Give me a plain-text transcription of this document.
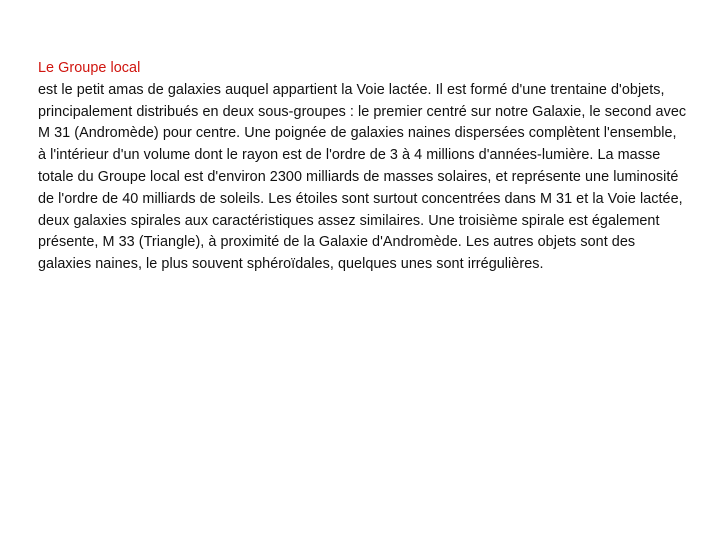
Le Groupe local

est le petit amas de galaxies auquel appartient la Voie lactée. Il est formé d'une trentaine d'objets, principalement distribués en deux sous-groupes : le premier centré sur notre Galaxie, le second avec M 31 (Andromède) pour centre. Une poignée de galaxies naines dispersées complètent l'ensemble, à l'intérieur d'un volume dont le rayon est de l'ordre de 3 à 4 millions d'années-lumière. La masse totale du Groupe local est d'environ 2300 milliards de masses solaires, et représente une luminosité de l'ordre de 40 milliards de soleils. Les étoiles sont surtout concentrées dans M 31 et la Voie lactée, deux galaxies spirales aux caractéristiques assez similaires. Une troisième spirale est également présente, M 33 (Triangle), à proximité de la Galaxie d'Andromède. Les autres objets sont des galaxies naines, le plus souvent sphéroïdales, quelques unes sont irrégulières.
